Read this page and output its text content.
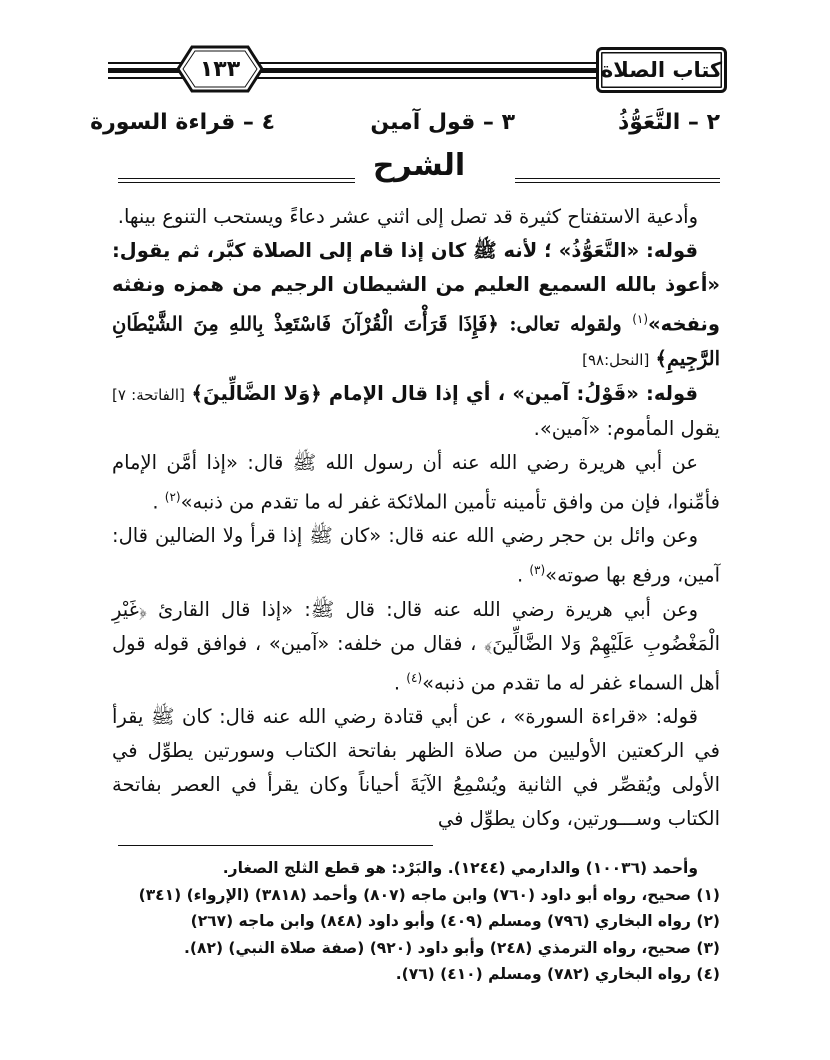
١٣٣	كتاب الصلاة
٢ – التَّعَوُّذُ
٣ – قول آمين
٤ – قراءة السورة
الشرح

وأدعية الاستفتاح كثيرة قد تصل إلى اثني عشر دعاءً ويستحب التنوع بينها.

قوله: «التَّعَوُّذُ» ؛ لأنه ﷺ كان إذا قام إلى الصلاة كبَّر، ثم يقول: «أعوذ بالله السميع العليم من الشيطان الرجيم من همزه ونفثه ونفخه»$^{(١)}$ ولقوله تعالى: ﴿فَإِذَا قَرَأْتَ الْقُرْآنَ فَاسْتَعِذْ بِاللهِ مِنَ الشَّيْطَانِ الرَّجِيمِ﴾ [النحل:٩٨]

قوله: «قَوْلُ: آمين» ، أي إذا قال الإمام ﴿وَلا الضَّالِّينَ﴾ [الفاتحة: ٧] يقول المأموم: «آمين».

عن أبي هريرة رضي الله عنه أن رسول الله ﷺ قال: «إذا أمَّن الإمام فأمِّنوا، فإن من وافق تأمينه تأمين الملائكة غفر له ما تقدم من ذنبه»$^{(٢)}$ .

وعن وائل بن حجر رضي الله عنه قال: «كان ﷺ إذا قرأ ولا الضالين قال: آمين، ورفع بها صوته»$^{(٣)}$ .

وعن أبي هريرة رضي الله عنه قال: قال ﷺ: «إذا قال القارئ ﴿غَيْرِ الْمَغْضُوبِ عَلَيْهِمْ وَلا الضَّالِّينَ﴾ ، فقال من خلفه: «آمين» ، فوافق قوله قول أهل السماء غفر له ما تقدم من ذنبه»$^{(٤)}$ .

قوله: «قراءة السورة» ، عن أبي قتادة رضي الله عنه قال: كان ﷺ يقرأ في الركعتين الأوليين من صلاة الظهر بفاتحة الكتاب وسورتين يطوِّل في الأولى ويُقصِّر في الثانية ويُسْمِعُ الآيَةَ أحياناً وكان يقرأ في العصر بفاتحة الكتاب وســـورتين، وكان يطوِّل في

وأحمد (١٠٠٣٦) والدارمي (١٢٤٤). والبَرْد: هو قطع الثلج الصغار.
(١) صحيح، رواه أبو داود (٧٦٠) وابن ماجه (٨٠٧) وأحمد (٣٨١٨) (الإرواء) (٣٤١)
(٢) رواه البخاري (٧٩٦) ومسلم (٤٠٩) وأبو داود (٨٤٨) وابن ماجه (٢٦٧)
(٣) صحيح، رواه الترمذي (٢٤٨) وأبو داود (٩٢٠) (صفة صلاة النبي) (٨٢).
(٤) رواه البخاري (٧٨٢) ومسلم (٤١٠) (٧٦).
